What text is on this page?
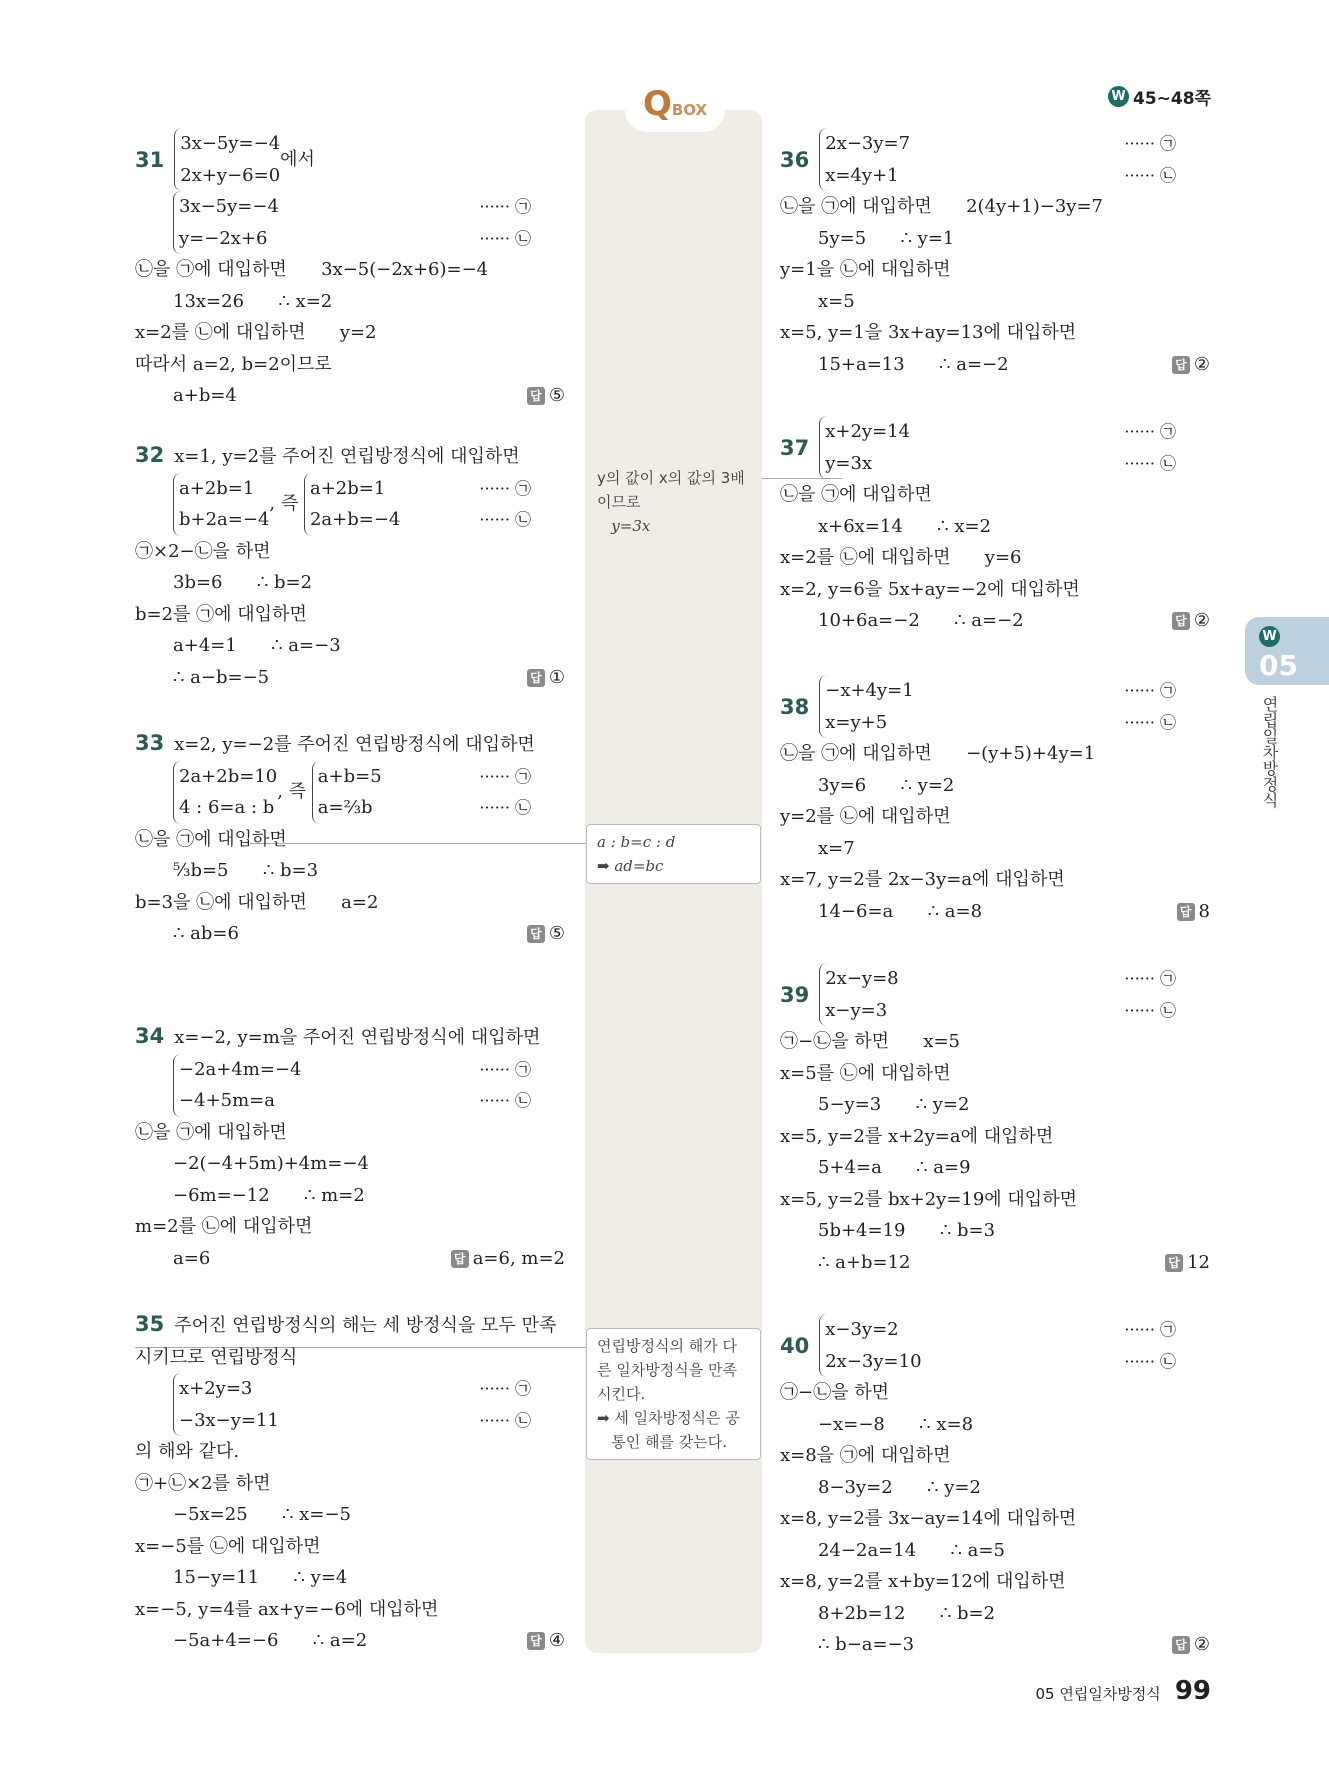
QBOX
W 45~48쪽
W
05
연립일차방정식
y의 값이 x의 값의 3배
이므로
y=3x
a : b=c : d
➡ ad=bc
연립방정식의 해가 다
른 일차방정식을 만족
시킨다.
➡ 세 일차방정식은 공
통인 해를 갖는다.
31
3x−5y=−4
2x+y−6=0
에서
3x−5y=−4
y=−2x+6
······ ㉠
······ ㉡
㉡을 ㉠에 대입하면      3x−5(−2x+6)=−4
13x=26      ∴ x=2
x=2를 ㉡에 대입하면      y=2
따라서 a=2, b=2이므로
a+b=4	답 ⑤
32 x=1, y=2를 주어진 연립방정식에 대입하면
a+2b=1
b+2a=−4
, 즉
a+2b=1
2a+b=−4
······ ㉠
······ ㉡
㉠×2−㉡을 하면
3b=6      ∴ b=2
b=2를 ㉠에 대입하면
a+4=1      ∴ a=−3
∴ a−b=−5	답 ①
33 x=2, y=−2를 주어진 연립방정식에 대입하면
2a+2b=10
4 : 6=a : b
, 즉
a+b=5
a=⅔b
······ ㉠
······ ㉡
㉡을 ㉠에 대입하면
⁵⁄₃b=5      ∴ b=3
b=3을 ㉡에 대입하면      a=2
∴ ab=6	답 ⑤
34 x=−2, y=m을 주어진 연립방정식에 대입하면
−2a+4m=−4
−4+5m=a
······ ㉠
······ ㉡
㉡을 ㉠에 대입하면
−2(−4+5m)+4m=−4
−6m=−12      ∴ m=2
m=2를 ㉡에 대입하면
a=6	답 a=6, m=2
35 주어진 연립방정식의 해는 세 방정식을 모두 만족
시키므로 연립방정식
x+2y=3
−3x−y=11
······ ㉠
······ ㉡
의 해와 같다.
㉠+㉡×2를 하면
−5x=25      ∴ x=−5
x=−5를 ㉡에 대입하면
15−y=11      ∴ y=4
x=−5, y=4를 ax+y=−6에 대입하면
−5a+4=−6      ∴ a=2	답 ④
36
2x−3y=7
x=4y+1
······ ㉠
······ ㉡
㉡을 ㉠에 대입하면      2(4y+1)−3y=7
5y=5      ∴ y=1
y=1을 ㉡에 대입하면
x=5
x=5, y=1을 3x+ay=13에 대입하면
15+a=13      ∴ a=−2	답 ②
37
x+2y=14
y=3x
······ ㉠
······ ㉡
㉡을 ㉠에 대입하면
x+6x=14      ∴ x=2
x=2를 ㉡에 대입하면      y=6
x=2, y=6을 5x+ay=−2에 대입하면
10+6a=−2      ∴ a=−2	답 ②
38
−x+4y=1
x=y+5
······ ㉠
······ ㉡
㉡을 ㉠에 대입하면      −(y+5)+4y=1
3y=6      ∴ y=2
y=2를 ㉡에 대입하면
x=7
x=7, y=2를 2x−3y=a에 대입하면
14−6=a      ∴ a=8	답 8
39
2x−y=8
x−y=3
······ ㉠
······ ㉡
㉠−㉡을 하면      x=5
x=5를 ㉡에 대입하면
5−y=3      ∴ y=2
x=5, y=2를 x+2y=a에 대입하면
5+4=a      ∴ a=9
x=5, y=2를 bx+2y=19에 대입하면
5b+4=19      ∴ b=3
∴ a+b=12	답 12
40
x−3y=2
2x−3y=10
······ ㉠
······ ㉡
㉠−㉡을 하면
−x=−8      ∴ x=8
x=8을 ㉠에 대입하면
8−3y=2      ∴ y=2
x=8, y=2를 3x−ay=14에 대입하면
24−2a=14      ∴ a=5
x=8, y=2를 x+by=12에 대입하면
8+2b=12      ∴ b=2
∴ b−a=−3	답 ②
05 연립일차방정식 99
